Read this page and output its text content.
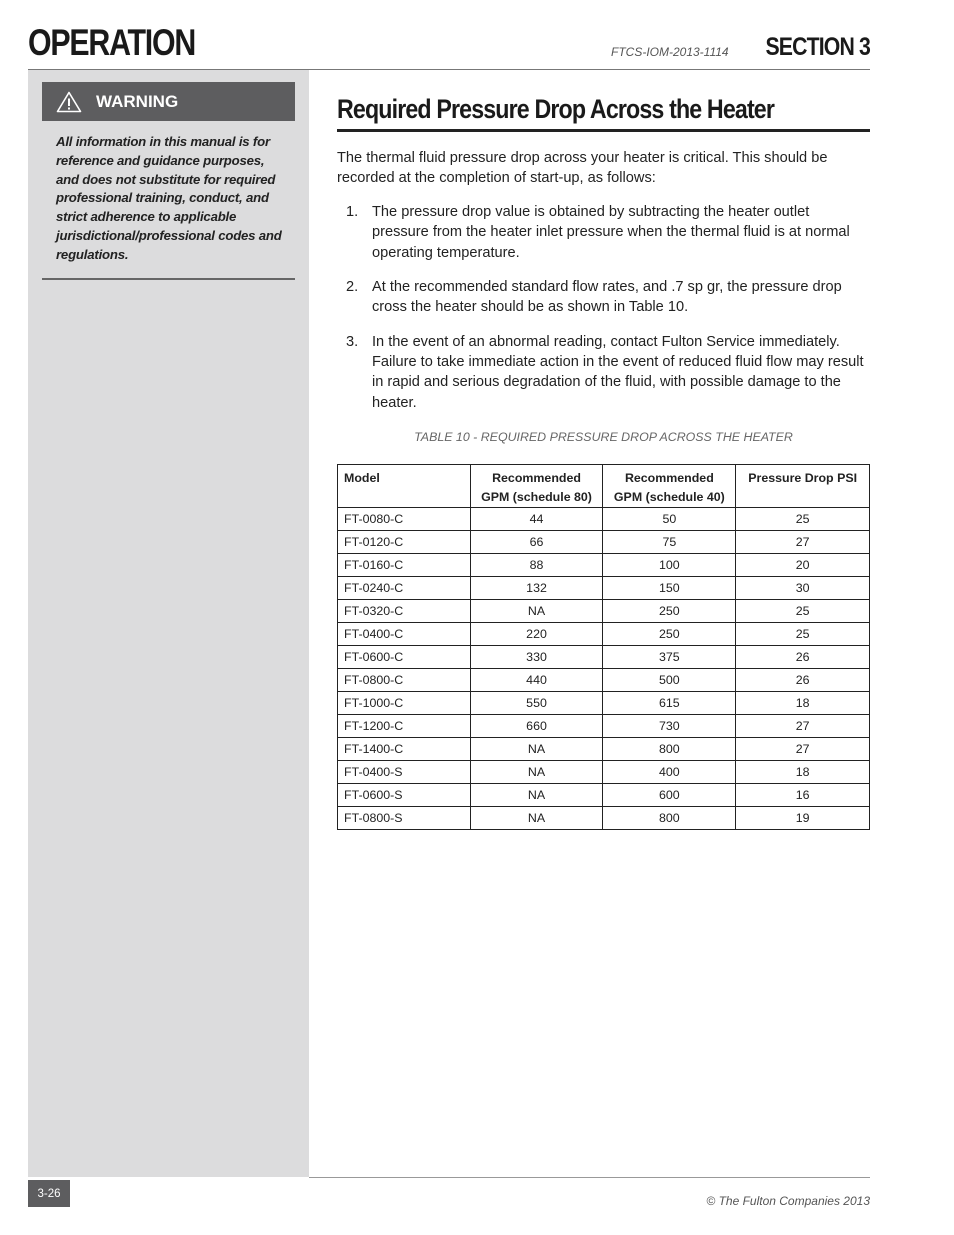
OPERATION	FTCS-IOM-2013-1114 SECTION 3
WARNING
All information in this manual is for reference and guidance purposes, and does not substitute for required professional training, conduct, and strict adherence to applicable jurisdictional/professional codes and regulations.
Required Pressure Drop Across the Heater
The thermal fluid pressure drop across your heater is critical. This should be recorded at the completion of start-up, as follows:
1. The pressure drop value is obtained by subtracting the heater outlet pressure from the heater inlet pressure when the thermal fluid is at normal operating temperature.
2. At the recommended standard flow rates, and .7 sp gr, the pressure drop cross the heater should be as shown in Table 10.
3. In the event of an abnormal reading, contact Fulton Service immediately. Failure to take immediate action in the event of reduced fluid flow may result in rapid and serious degradation of the fluid, with possible damage to the heater.
TABLE 10 - REQUIRED PRESSURE DROP ACROSS THE HEATER
Model	Recommended GPM (schedule 80)	Recommended GPM (schedule 40)	Pressure Drop PSI
FT-0080-C	44	50	25
FT-0120-C	66	75	27
FT-0160-C	88	100	20
FT-0240-C	132	150	30
FT-0320-C	NA	250	25
FT-0400-C	220	250	25
FT-0600-C	330	375	26
FT-0800-C	440	500	26
FT-1000-C	550	615	18
FT-1200-C	660	730	27
FT-1400-C	NA	800	27
FT-0400-S	NA	400	18
FT-0600-S	NA	600	16
FT-0800-S	NA	800	19
3-26
© The Fulton Companies 2013
